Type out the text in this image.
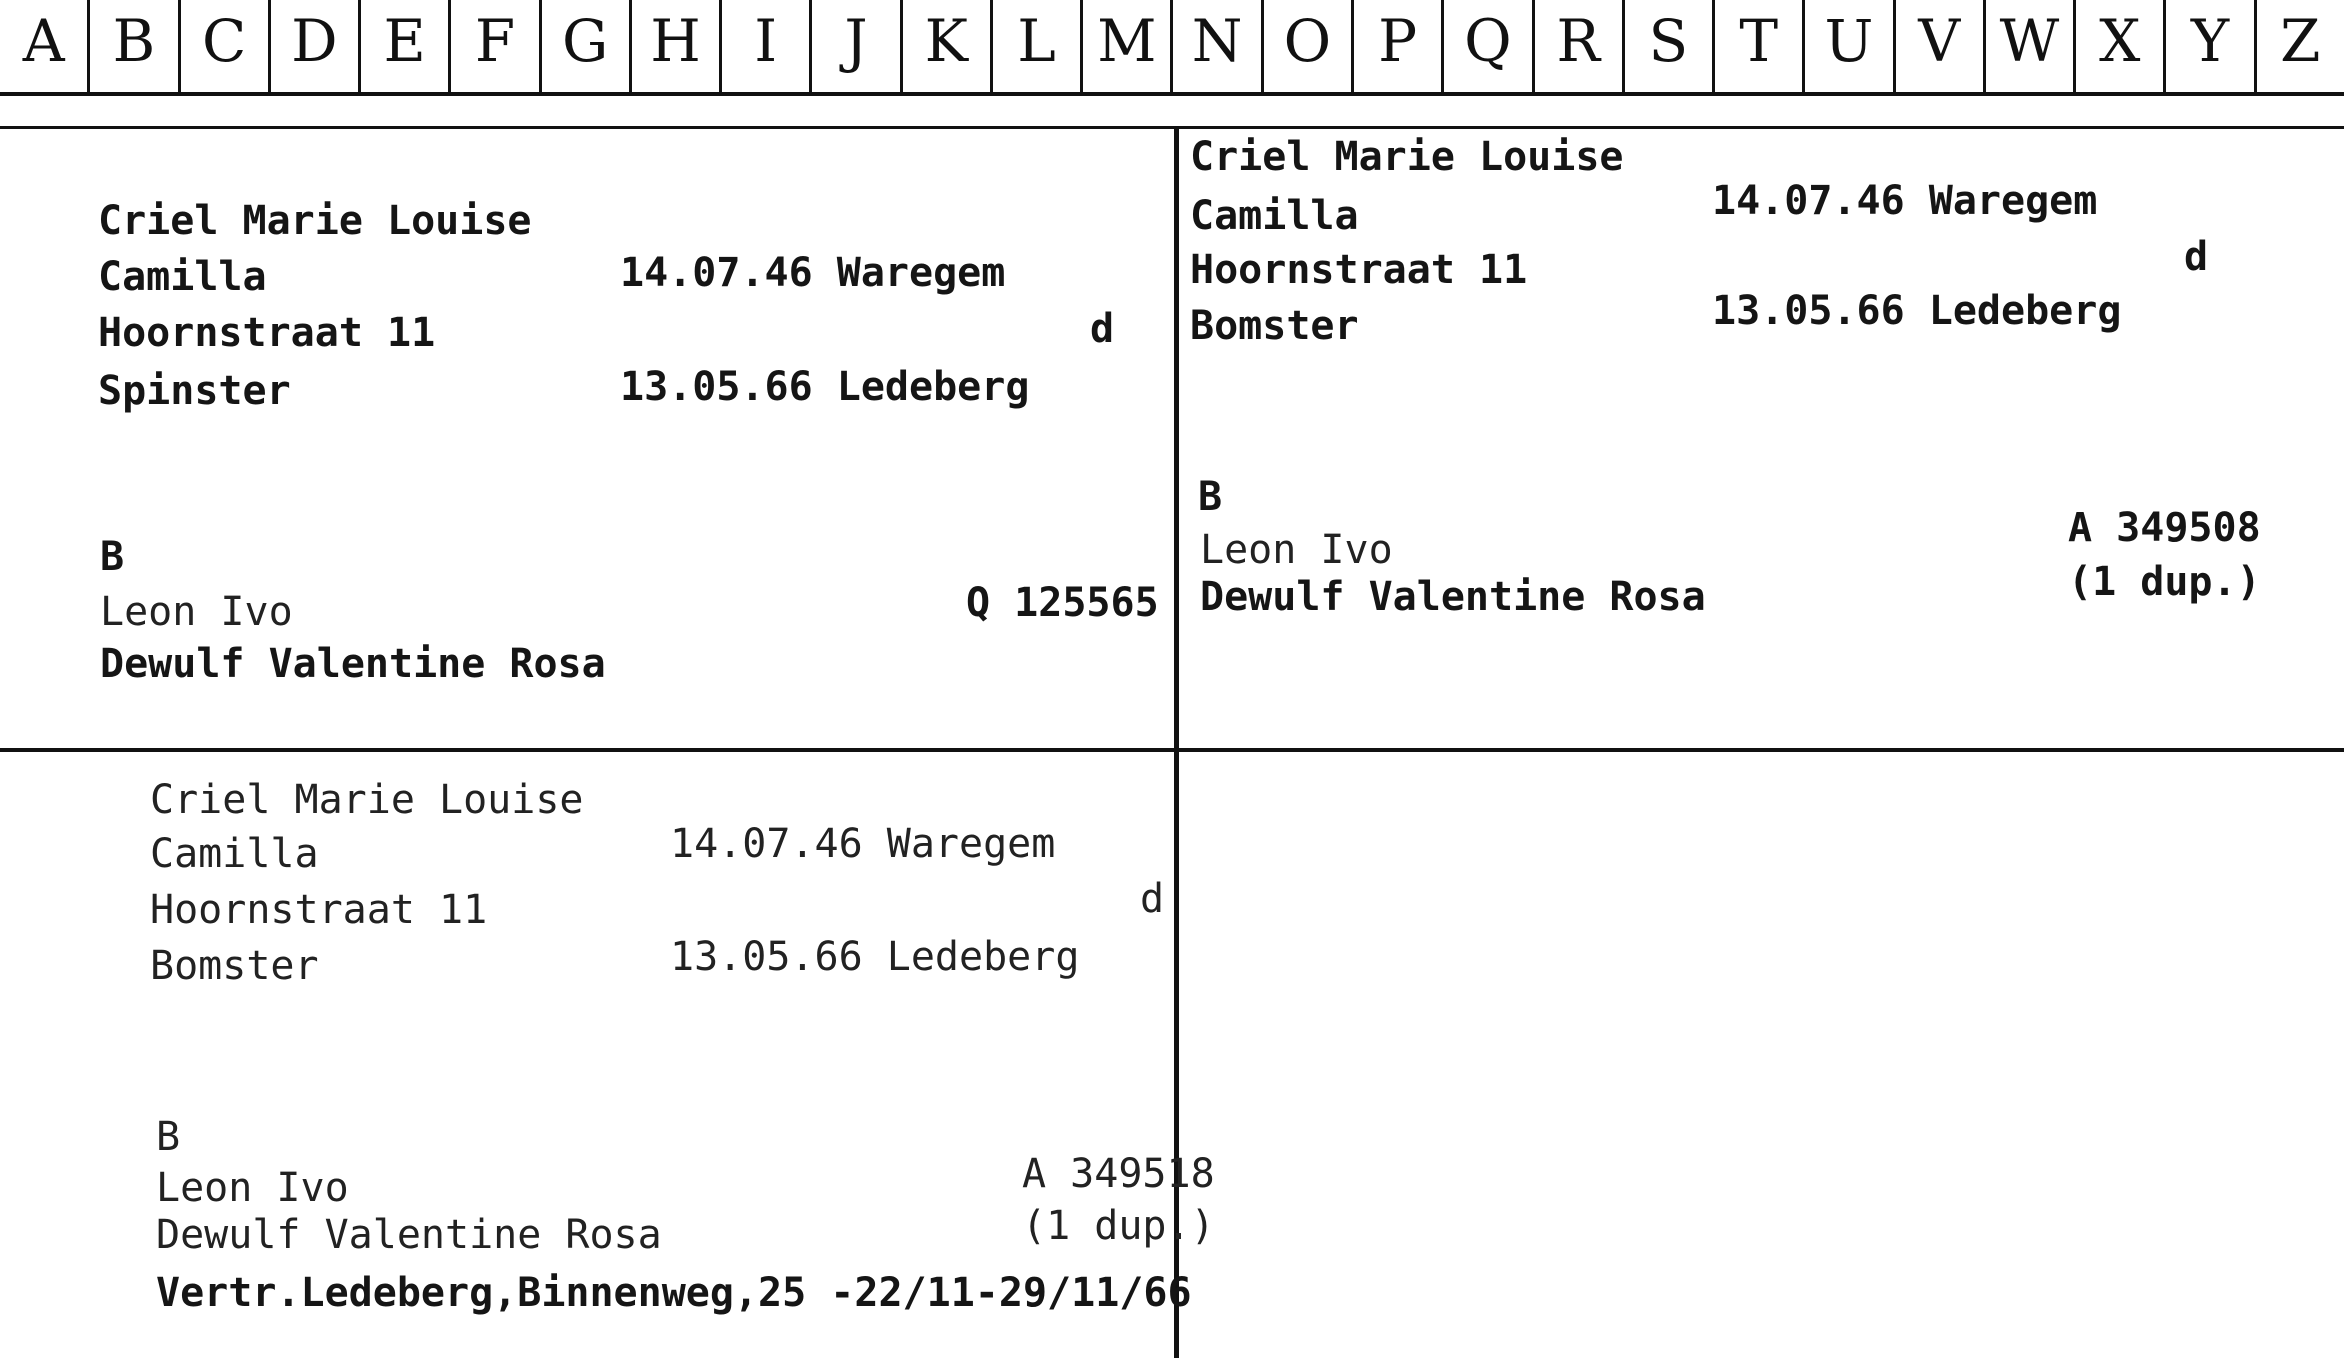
A B C D E F G H I	J K L M N O P Q R S T U V W X Y Z
Criel Marie Louise
Camilla
Hoornstraat 11
Spinster
14.07.46 Waregem
d
13.05.66 Ledeberg
B
Leon Ivo
Dewulf Valentine Rosa
Q 125565
Criel Marie Louise
Camilla
Hoornstraat 11
Bomster
14.07.46 Waregem
d
13.05.66 Ledeberg
B
Leon Ivo
Dewulf Valentine Rosa
A 349508
(1 dup.)
Criel Marie Louise
Camilla
Hoornstraat 11
Bomster
14.07.46 Waregem
d
13.05.66 Ledeberg
B
Leon Ivo
Dewulf Valentine Rosa
A 349518
(1 dup.)
Vertr.Ledeberg,Binnenweg,25 -22/11-29/11/66
